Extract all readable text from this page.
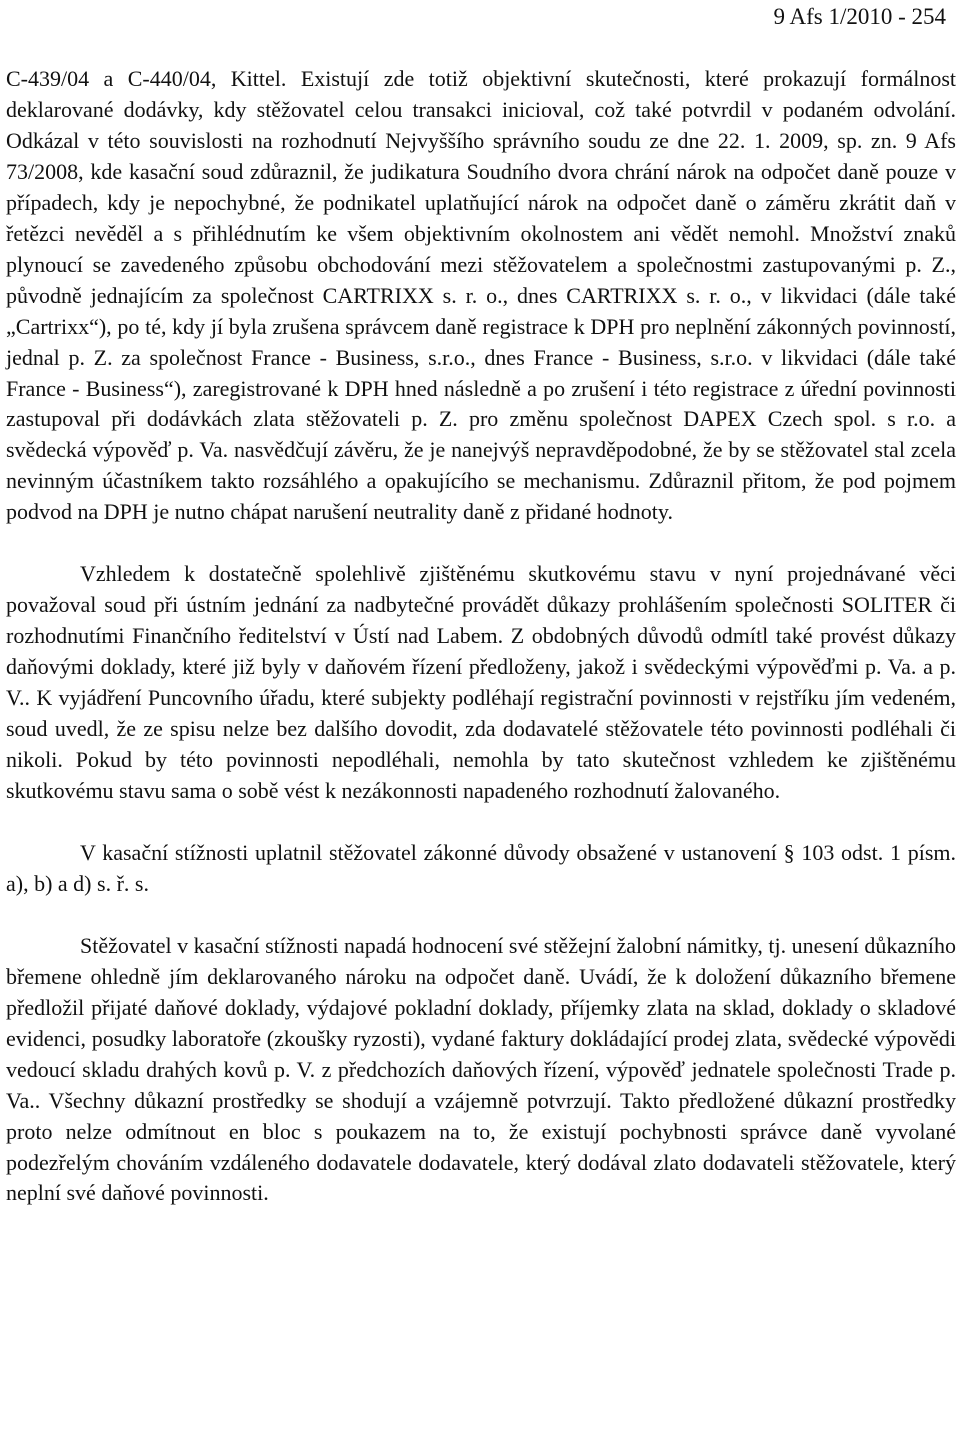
9 Afs 1/2010 - 254

C-439/04 a C-440/04, Kittel. Existují zde totiž objektivní skutečnosti, které prokazují formálnost deklarované dodávky, kdy stěžovatel celou transakci inicioval, což také potvrdil v podaném odvolání. Odkázal v této souvislosti na rozhodnutí Nejvyššího správního soudu ze dne 22. 1. 2009, sp. zn. 9 Afs 73/2008, kde kasační soud zdůraznil, že judikatura Soudního dvora chrání nárok na odpočet daně pouze v případech, kdy je nepochybné, že podnikatel uplatňující nárok na odpočet daně o záměru zkrátit daň v řetězci nevěděl a s přihlédnutím ke všem objektivním okolnostem ani vědět nemohl. Množství znaků plynoucí se zavedeného způsobu obchodování mezi stěžovatelem a společnostmi zastupovanými p. Z., původně jednajícím za společnost CARTRIXX s. r. o., dnes CARTRIXX s. r. o., v likvidaci (dále také „Cartrixx“), po té, kdy jí byla zrušena správcem daně registrace k DPH pro neplnění zákonných povinností, jednal p. Z. za společnost France - Business, s.r.o., dnes France - Business, s.r.o. v likvidaci (dále také France - Business“), zaregistrované k DPH hned následně a po zrušení i této registrace z úřední povinnosti zastupoval při dodávkách zlata stěžovateli p. Z. pro změnu společnost DAPEX Czech spol. s r.o. a svědecká výpověď p. Va. nasvědčují závěru, že je nanejvýš nepravděpodobné, že by se stěžovatel stal zcela nevinným účastníkem takto rozsáhlého a opakujícího se mechanismu. Zdůraznil přitom, že pod pojmem podvod na DPH je nutno chápat narušení neutrality daně z přidané hodnoty.

Vzhledem k dostatečně spolehlivě zjištěnému skutkovému stavu v nyní projednávané věci považoval soud při ústním jednání za nadbytečné provádět důkazy prohlášením společnosti SOLITER či rozhodnutími Finančního ředitelství v Ústí nad Labem. Z obdobných důvodů odmítl také provést důkazy daňovými doklady, které již byly v daňovém řízení předloženy, jakož i svědeckými výpověďmi p. Va. a p. V.. K vyjádření Puncovního úřadu, které subjekty podléhají registrační povinnosti v rejstříku jím vedeném, soud uvedl, že ze spisu nelze bez dalšího dovodit, zda dodavatelé stěžovatele této povinnosti podléhali či nikoli. Pokud by této povinnosti nepodléhali, nemohla by tato skutečnost vzhledem ke zjištěnému skutkovému stavu sama o sobě vést k nezákonnosti napadeného rozhodnutí žalovaného.

V kasační stížnosti uplatnil stěžovatel zákonné důvody obsažené v ustanovení § 103 odst. 1 písm. a), b) a d) s. ř. s.

Stěžovatel v kasační stížnosti napadá hodnocení své stěžejní žalobní námitky, tj. unesení důkazního břemene ohledně jím deklarovaného nároku na odpočet daně. Uvádí, že k doložení důkazního břemene předložil přijaté daňové doklady, výdajové pokladní doklady, příjemky zlata na sklad, doklady o skladové evidenci, posudky laboratoře (zkoušky ryzosti), vydané faktury dokládající prodej zlata, svědecké výpovědi vedoucí skladu drahých kovů p. V. z předchozích daňových řízení, výpověď jednatele společnosti Trade p. Va.. Všechny důkazní prostředky se shodují a vzájemně potvrzují. Takto předložené důkazní prostředky proto nelze odmítnout en bloc s poukazem na to, že existují pochybnosti správce daně vyvolané podezřelým chováním vzdáleného dodavatele dodavatele, který dodával zlato dodavateli stěžovatele, který neplní své daňové povinnosti.
